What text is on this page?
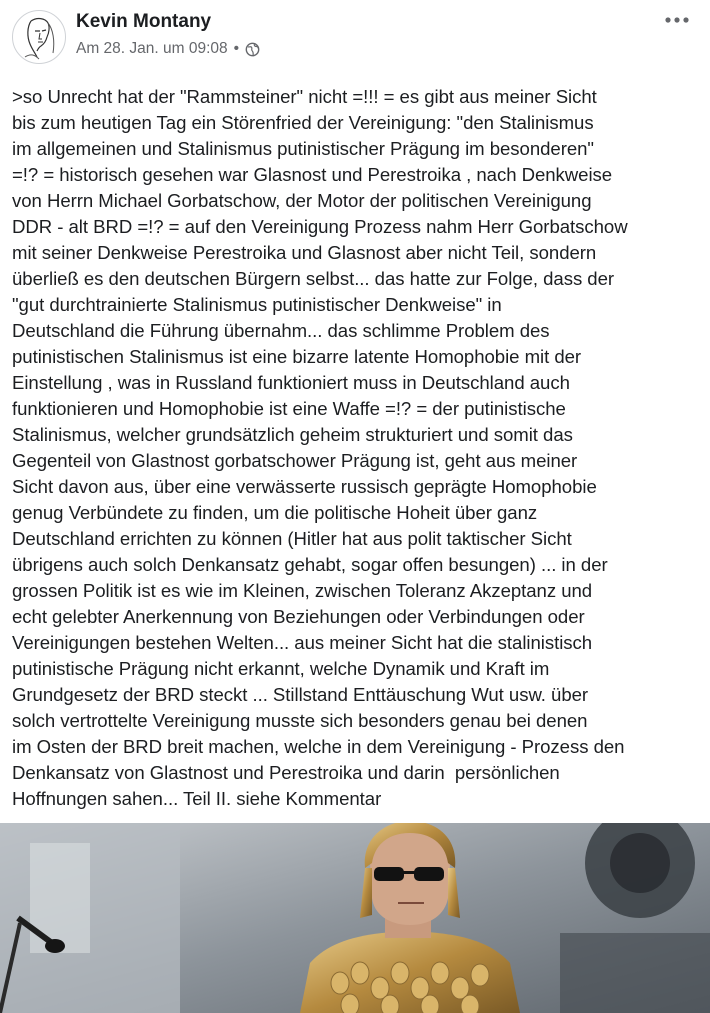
Kevin Montany
Am 28. Jan. um 09:08 •
>so Unrecht hat der "Rammsteiner" nicht =!!! = es gibt aus meiner Sicht
bis zum heutigen Tag ein Störenfried der Vereinigung: "den Stalinismus
im allgemeinen und Stalinismus putinistischer Prägung im besonderen"
=!? = historisch gesehen war Glasnost und Perestroika , nach Denkweise
von Herrn Michael Gorbatschow, der Motor der politischen Vereinigung
DDR - alt BRD =!? = auf den Vereinigung Prozess nahm Herr Gorbatschow
mit seiner Denkweise Perestroika und Glasnost aber nicht Teil, sondern
überließ es den deutschen Bürgern selbst... das hatte zur Folge, dass der
"gut durchtrainierte Stalinismus putinistischer Denkweise" in
Deutschland die Führung übernahm... das schlimme Problem des
putinistischen Stalinismus ist eine bizarre latente Homophobie mit der
Einstellung , was in Russland funktioniert muss in Deutschland auch
funktionieren und Homophobie ist eine Waffe =!? = der putinistische
Stalinismus, welcher grundsätzlich geheim strukturiert und somit das
Gegenteil von Glastnost gorbatschower Prägung ist, geht aus meiner
Sicht davon aus, über eine verwässerte russisch geprägte Homophobie
genug Verbündete zu finden, um die politische Hoheit über ganz
Deutschland errichten zu können (Hitler hat aus polit taktischer Sicht
übrigens auch solch Denkansatz gehabt, sogar offen besungen) ... in der
grossen Politik ist es wie im Kleinen, zwischen Toleranz Akzeptanz und
echt gelebter Anerkennung von Beziehungen oder Verbindungen oder
Vereinigungen bestehen Welten... aus meiner Sicht hat die stalinistisch
putinistische Prägung nicht erkannt, welche Dynamik und Kraft im
Grundgesetz der BRD steckt ... Stillstand Enttäuschung Wut usw. über
solch vertrottelte Vereinigung musste sich besonders genau bei denen
im Osten der BRD breit machen, welche in dem Vereinigung - Prozess den
Denkansatz von Glastnost und Perestroika und darin  persönlichen
Hoffnungen sahen... Teil II. siehe Kommentar
